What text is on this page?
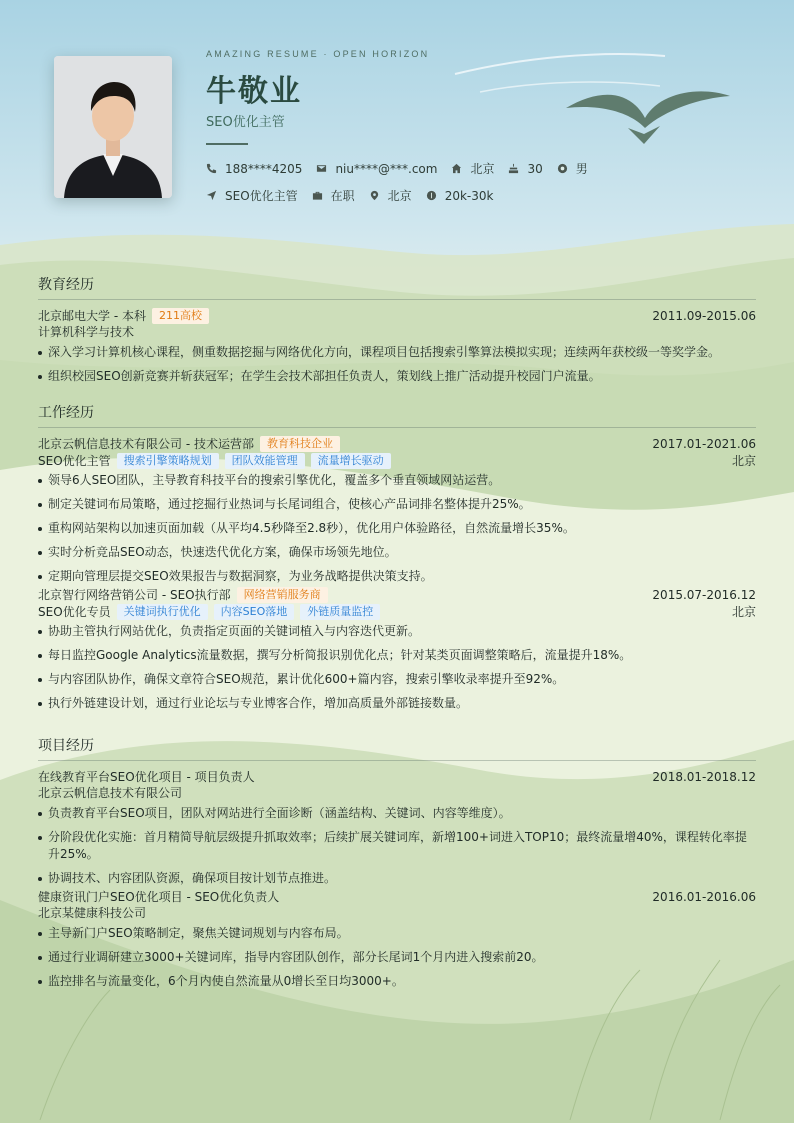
AMAZING RESUME · OPEN HORIZON
牛敬业
SEO优化主管
188****4205	niu****@***.com	北京	30	男
SEO优化主管	在职	北京	20k-30k
教育经历
北京邮电大学 - 本科	211高校	2011.09-2015.06
计算机科学与技术
深入学习计算机核心课程，侧重数据挖掘与网络优化方向，课程项目包括搜索引擎算法模拟实现；连续两年获校级一等奖学金。
组织校园SEO创新竞赛并斩获冠军；在学生会技术部担任负责人，策划线上推广活动提升校园门户流量。
工作经历
北京云帆信息技术有限公司 - 技术运营部	教育科技企业	2017.01-2021.06
SEO优化主管	搜索引擎策略规划	团队效能管理	流量增长驱动	北京
领导6人SEO团队，主导教育科技平台的搜索引擎优化，覆盖多个垂直领域网站运营。
制定关键词布局策略，通过挖掘行业热词与长尾词组合，使核心产品词排名整体提升25%。
重构网站架构以加速页面加载（从平均4.5秒降至2.8秒），优化用户体验路径，自然流量增长35%。
实时分析竞品SEO动态，快速迭代优化方案，确保市场领先地位。
定期向管理层提交SEO效果报告与数据洞察，为业务战略提供决策支持。
北京智行网络营销公司 - SEO执行部	网络营销服务商	2015.07-2016.12
SEO优化专员	关键词执行优化	内容SEO落地	外链质量监控	北京
协助主管执行网站优化，负责指定页面的关键词植入与内容迭代更新。
每日监控Google Analytics流量数据，撰写分析简报识别优化点；针对某类页面调整策略后，流量提升18%。
与内容团队协作，确保文章符合SEO规范，累计优化600+篇内容，搜索引擎收录率提升至92%。
执行外链建设计划，通过行业论坛与专业博客合作，增加高质量外部链接数量。
项目经历
在线教育平台SEO优化项目 - 项目负责人	2018.01-2018.12
北京云帆信息技术有限公司
负责教育平台SEO项目，团队对网站进行全面诊断（涵盖结构、关键词、内容等维度）。
分阶段优化实施：首月精简导航层级提升抓取效率；后续扩展关键词库，新增100+词进入TOP10；最终流量增40%，课程转化率提升25%。
协调技术、内容团队资源，确保项目按计划节点推进。
健康资讯门户SEO优化项目 - SEO优化负责人	2016.01-2016.06
北京某健康科技公司
主导新门户SEO策略制定，聚焦关键词规划与内容布局。
通过行业调研建立3000+关键词库，指导内容团队创作，部分长尾词1个月内进入搜索前20。
监控排名与流量变化，6个月内使自然流量从0增长至日均3000+。
